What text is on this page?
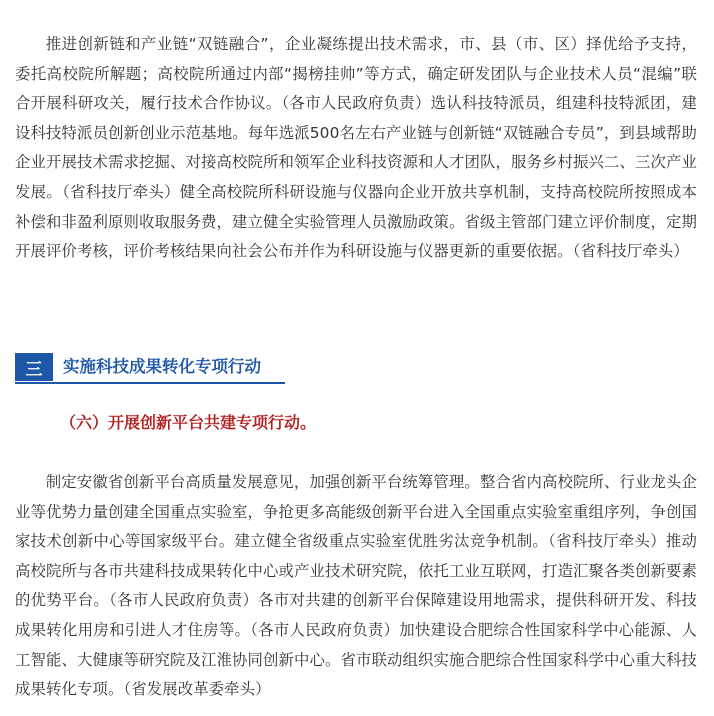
推进创新链和产业链“双链融合”，企业凝练提出技术需求，市、县（市、区）择优给予支持，委托高校院所解题；高校院所通过内部“揭榜挂帅”等方式，确定研发团队与企业技术人员“混编”联合开展科研攻关，履行技术合作协议。（各市人民政府负责）选认科技特派员，组建科技特派团，建设科技特派员创新创业示范基地。每年选派500名左右产业链与创新链“双链融合专员”，到县域帮助企业开展技术需求挖掘、对接高校院所和领军企业科技资源和人才团队，服务乡村振兴二、三次产业发展。（省科技厅牵头）健全高校院所科研设施与仪器向企业开放共享机制，支持高校院所按照成本补偿和非盈利原则收取服务费，建立健全实验管理人员激励政策。省级主管部门建立评价制度，定期开展评价考核，评价考核结果向社会公布并作为科研设施与仪器更新的重要依据。（省科技厅牵头）

三	实施科技成果转化专项行动
（六）开展创新平台共建专项行动。

制定安徽省创新平台高质量发展意见，加强创新平台统筹管理。整合省内高校院所、行业龙头企业等优势力量创建全国重点实验室，争抢更多高能级创新平台进入全国重点实验室重组序列，争创国家技术创新中心等国家级平台。建立健全省级重点实验室优胜劣汰竞争机制。（省科技厅牵头）推动高校院所与各市共建科技成果转化中心或产业技术研究院，依托工业互联网，打造汇聚各类创新要素的优势平台。（各市人民政府负责）各市对共建的创新平台保障建设用地需求，提供科研开发、科技成果转化用房和引进人才住房等。（各市人民政府负责）加快建设合肥综合性国家科学中心能源、人工智能、大健康等研究院及江淮协同创新中心。省市联动组织实施合肥综合性国家科学中心重大科技成果转化专项。（省发展改革委牵头）
